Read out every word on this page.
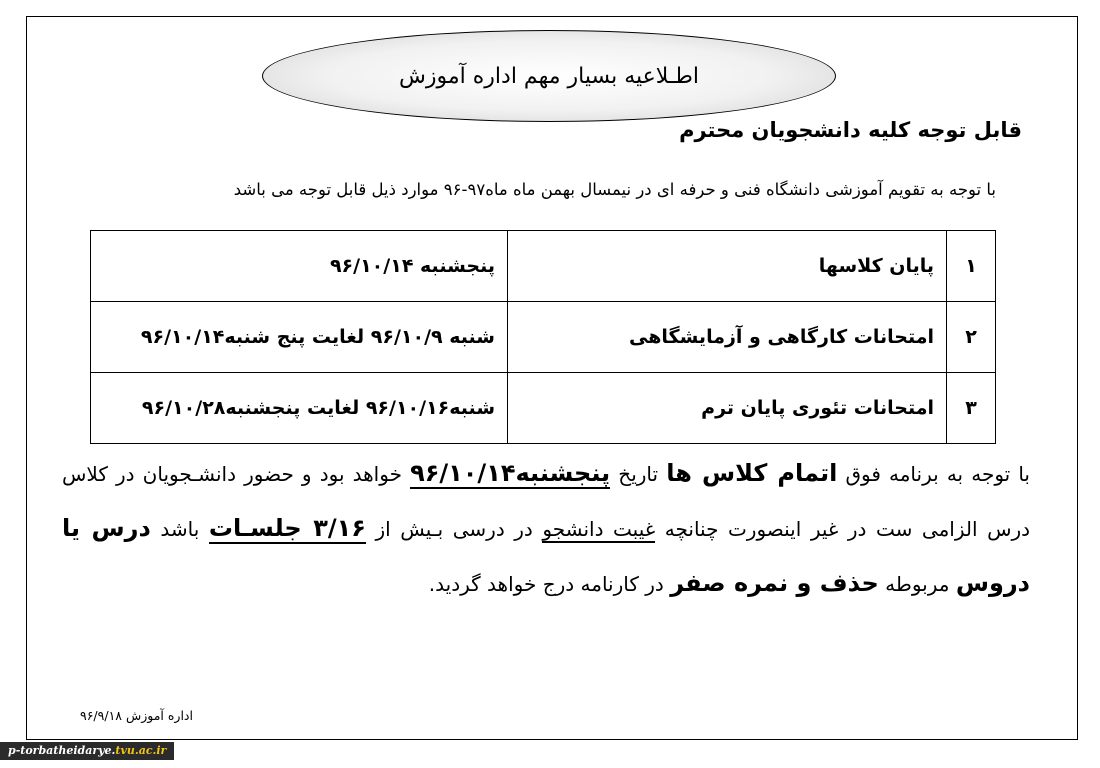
اطـلاعیه بسیار مهم اداره آموزش
قابل توجه کلیه دانشجویان محترم
با توجه به تقویم آموزشی دانشگاه فنی و حرفه ای در نیمسال بهمن ماه ماه۹۷-۹۶ موارد ذیل قابل توجه می باشد
۱	پایان کلاسها	پنجشنبه ۹۶/۱۰/۱۴
۲	امتحانات کارگاهی و آزمایشگاهی	شنبه ۹۶/۱۰/۹ لغایت پنج شنبه۹۶/۱۰/۱۴
۳	امتحانات تئوری پایان ترم	شنبه۹۶/۱۰/۱۶ لغایت پنجشنبه۹۶/۱۰/۲۸
با توجه به برنامه فوق اتمام کلاس ها تاریخ پنجشنبه۹۶/۱۰/۱۴ خواهد بود و حضور دانشـجویان در کلاس درس الزامی ست در غیر اینصورت چنانچه غیبت دانشجو در درسی بـیش از ۳/۱۶ جلسـات باشد درس یا دروس مربوطه حذف و نمره صفر در کارنامه درج خواهد گردید.
اداره آموزش ۹۶/۹/۱۸
p-torbatheidarye.tvu.ac.ir
